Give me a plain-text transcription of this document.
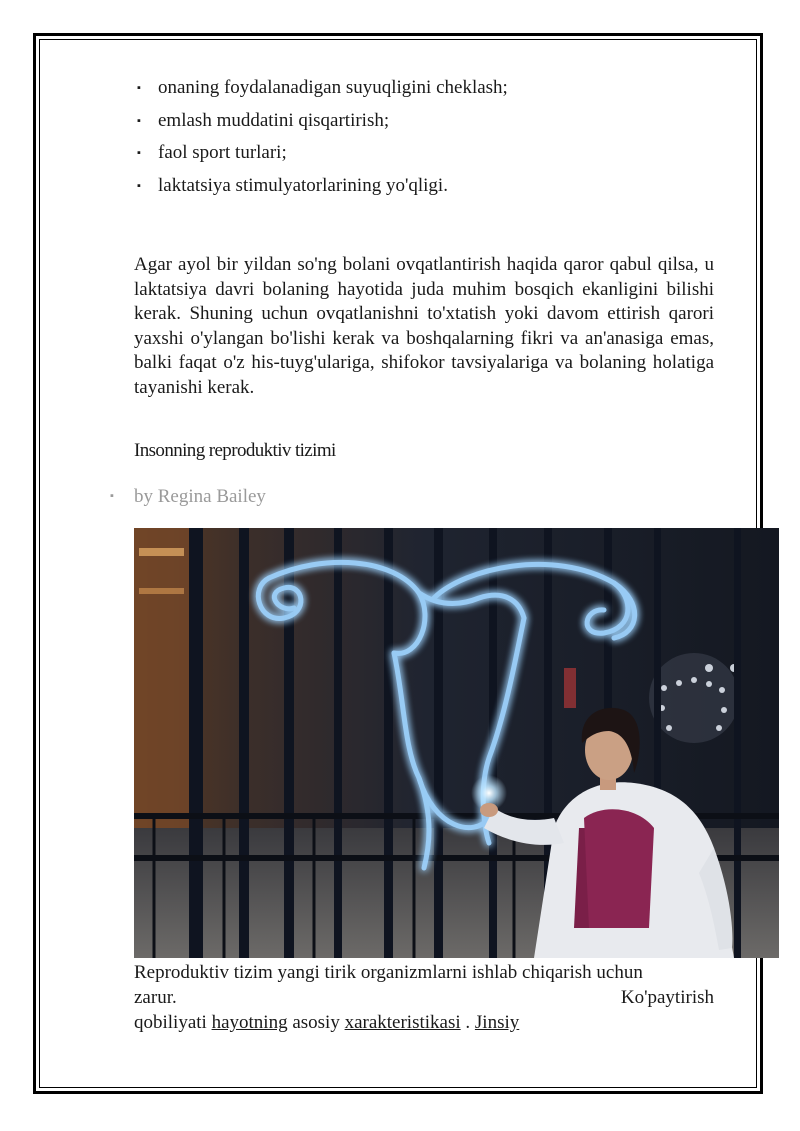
▪ onaning foydalanadigan suyuqligini cheklash;
▪ emlash muddatini qisqartirish;
▪ faol sport turlari;
▪ laktatsiya stimulyatorlarining yo'qligi.

Agar ayol bir yildan so'ng bolani ovqatlantirish haqida qaror qabul qilsa, u laktatsiya davri bolaning hayotida juda muhim bosqich ekanligini bilishi kerak. Shuning uchun ovqatlanishni to'xtatish yoki davom ettirish qarori yaxshi o'ylangan bo'lishi kerak va boshqalarning fikri va an'anasiga emas, balki faqat o'z his-tuyg'ulariga, shifokor tavsiyalariga va bolaning holatiga tayanishi kerak.

Insonning reproduktiv tizimi
▪ by Regina Bailey
Reproduktiv tizim yangi tirik organizmlarni ishlab chiqarish uchun
zarur.	Ko'paytirish
qobiliyati hayotning asosiy xarakteristikasi . Jinsiy
